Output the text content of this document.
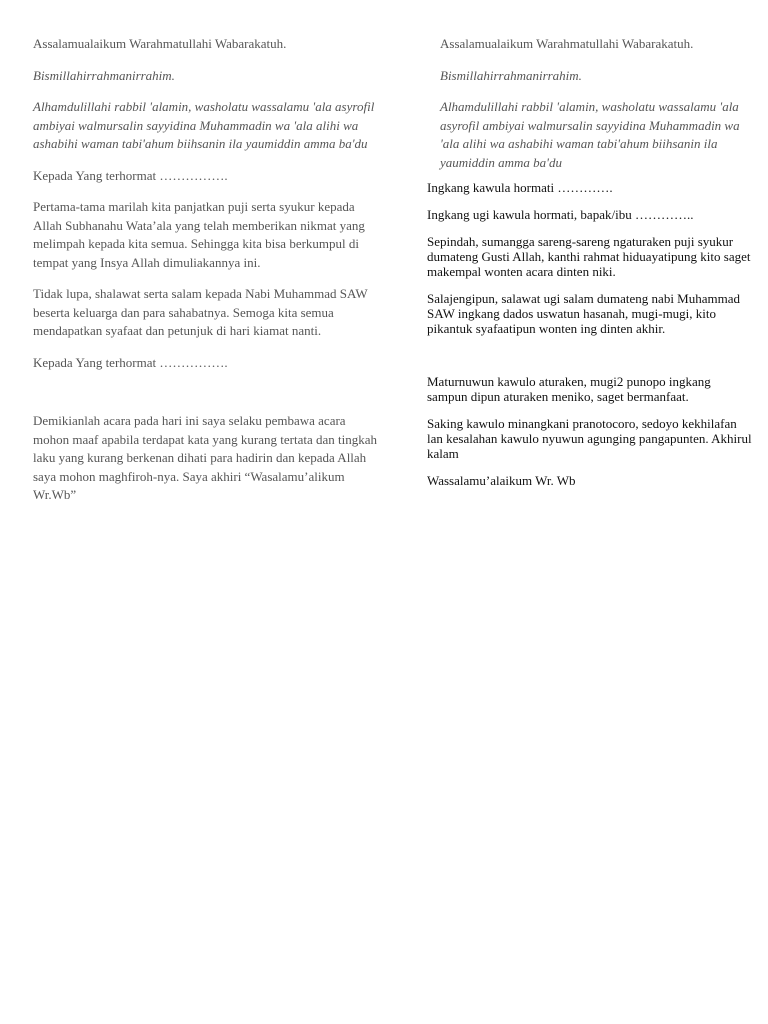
Assalamualaikum Warahmatullahi Wabarakatuh.

Bismillahirrahmanirrahim.

Alhamdulillahi rabbil 'alamin, washolatu wassalamu 'ala asyrofil ambiyai walmursalin sayyidina Muhammadin wa 'ala alihi wa ashabihi waman tabi'ahum biihsanin ila yaumiddin amma ba'du

Kepada Yang terhormat …………….

Pertama-tama marilah kita panjatkan puji serta syukur kepada Allah Subhanahu Wata’ala yang telah memberikan nikmat yang melimpah kepada kita semua. Sehingga kita bisa berkumpul di tempat yang Insya Allah dimuliakannya ini.

Tidak lupa, shalawat serta salam kepada Nabi Muhammad SAW beserta keluarga dan para sahabatnya. Semoga kita semua mendapatkan syafaat dan petunjuk di hari kiamat nanti.

Kepada Yang terhormat …………….

Demikianlah acara pada hari ini saya selaku pembawa acara mohon maaf apabila terdapat kata yang kurang tertata dan tingkah laku yang kurang berkenan dihati para hadirin dan kepada Allah saya mohon maghfiroh-nya. Saya akhiri “Wasalamu’alikum Wr.Wb”

Assalamualaikum Warahmatullahi Wabarakatuh.

Bismillahirrahmanirrahim.

Alhamdulillahi rabbil 'alamin, washolatu wassalamu 'ala asyrofil ambiyai walmursalin sayyidina Muhammadin wa 'ala alihi wa ashabihi waman tabi'ahum biihsanin ila yaumiddin amma ba'du

Ingkang kawula hormati ………….

Ingkang ugi kawula hormati, bapak/ibu …………..

Sepindah, sumangga sareng-sareng ngaturaken puji syukur dumateng Gusti Allah, kanthi rahmat hiduayatipung kito saget makempal wonten acara dinten niki.

Salajengipun, salawat ugi salam dumateng nabi Muhammad SAW ingkang dados uswatun hasanah, mugi-mugi, kito pikantuk syafaatipun wonten ing dinten akhir.

Maturnuwun kawulo aturaken, mugi2 punopo ingkang sampun dipun aturaken meniko, saget bermanfaat.

Saking kawulo minangkani pranotocoro, sedoyo kekhilafan lan kesalahan kawulo nyuwun agunging pangapunten. Akhirul kalam

Wassalamu’alaikum Wr. Wb
